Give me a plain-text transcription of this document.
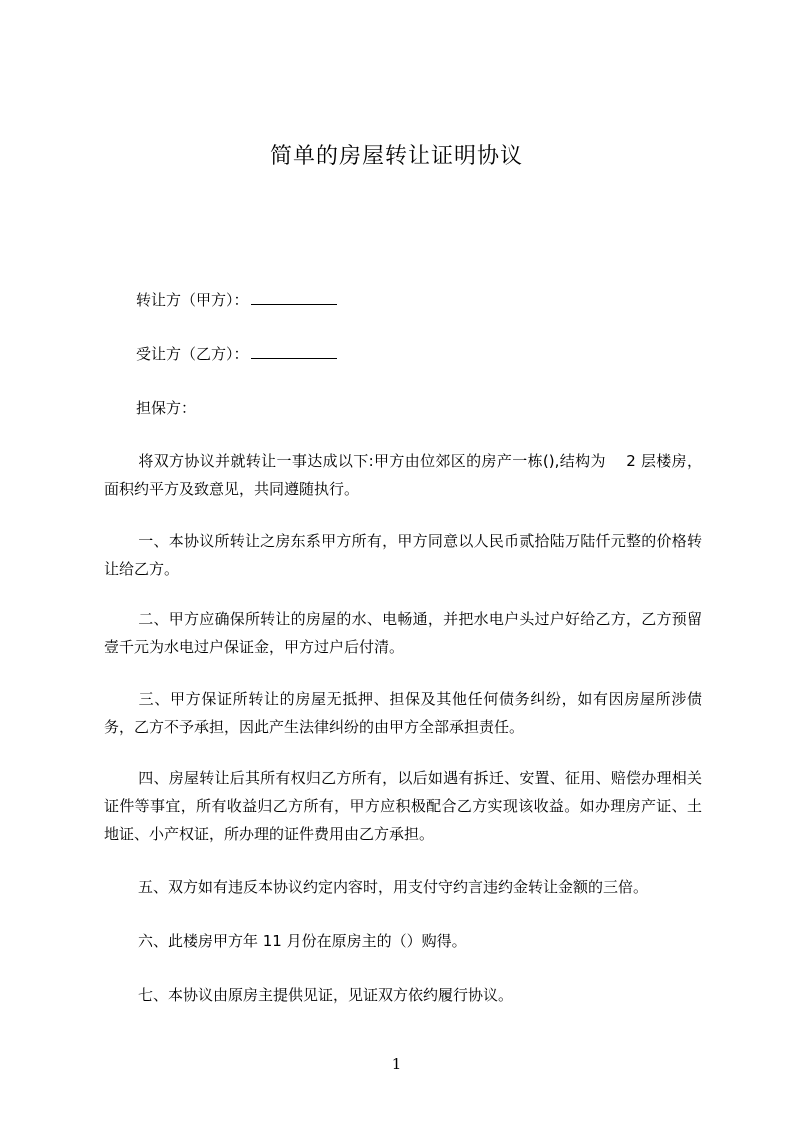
简单的房屋转让证明协议
转让方（甲方）：
受让方（乙方）：
担保方：

将双方协议并就转让一事达成以下:甲方由位郊区的房产一栋(),结构为　 2 层楼房，面积约平方及致意见，共同遵随执行。

一、本协议所转让之房东系甲方所有，甲方同意以人民币贰拾陆万陆仟元整的价格转让给乙方。

二、甲方应确保所转让的房屋的水、电畅通，并把水电户头过户好给乙方，乙方预留壹千元为水电过户保证金，甲方过户后付清。

三、甲方保证所转让的房屋无抵押、担保及其他任何债务纠纷，如有因房屋所涉债务，乙方不予承担，因此产生法律纠纷的由甲方全部承担责任。

四、房屋转让后其所有权归乙方所有，以后如遇有拆迁、安置、征用、赔偿办理相关证件等事宜，所有收益归乙方所有，甲方应积极配合乙方实现该收益。如办理房产证、土地证、小产权证，所办理的证件费用由乙方承担。

五、双方如有违反本协议约定内容时，用支付守约言违约金转让金额的三倍。

六、此楼房甲方年 11 月份在原房主的（）购得。

七、本协议由原房主提供见证，见证双方依约履行协议。

1
